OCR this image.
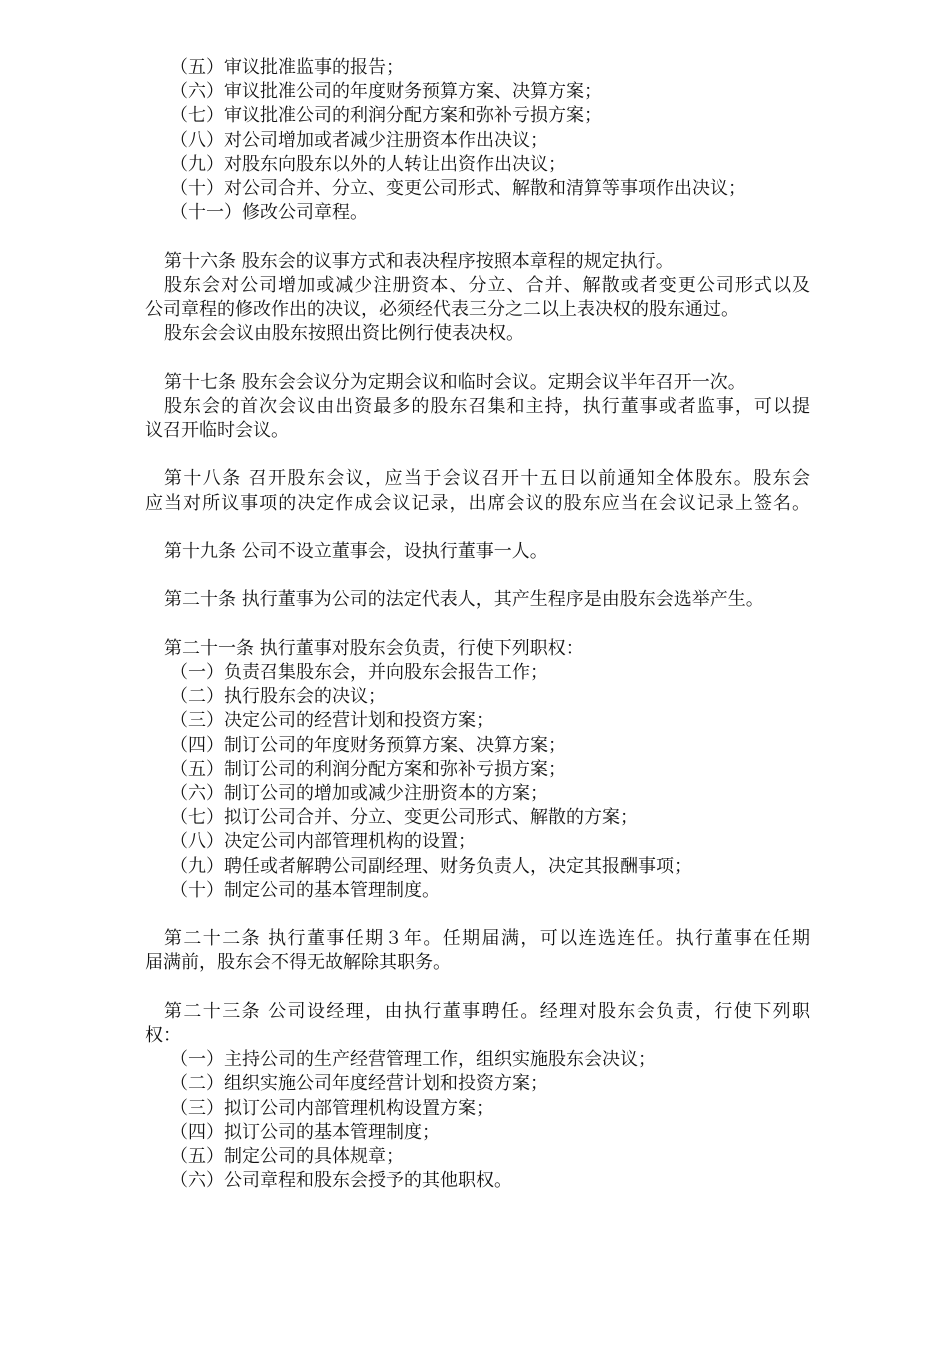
（五）审议批准监事的报告；
（六）审议批准公司的年度财务预算方案、决算方案；
（七）审议批准公司的利润分配方案和弥补亏损方案；
（八）对公司增加或者减少注册资本作出决议；
（九）对股东向股东以外的人转让出资作出决议；
（十）对公司合并、分立、变更公司形式、解散和清算等事项作出决议；
（十一）修改公司章程。
第十六条 股东会的议事方式和表决程序按照本章程的规定执行。
股东会对公司增加或减少注册资本、分立、合并、解散或者变更公司形式以及
公司章程的修改作出的决议，必须经代表三分之二以上表决权的股东通过。
股东会会议由股东按照出资比例行使表决权。
第十七条 股东会会议分为定期会议和临时会议。定期会议半年召开一次。
股东会的首次会议由出资最多的股东召集和主持，执行董事或者监事，可以提
议召开临时会议。
第十八条 召开股东会议，应当于会议召开十五日以前通知全体股东。股东会
应当对所议事项的决定作成会议记录，出席会议的股东应当在会议记录上签名。
第十九条 公司不设立董事会，设执行董事一人。
第二十条 执行董事为公司的法定代表人，其产生程序是由股东会选举产生。
第二十一条 执行董事对股东会负责，行使下列职权：
（一）负责召集股东会，并向股东会报告工作；
（二）执行股东会的决议；
（三）决定公司的经营计划和投资方案；
（四）制订公司的年度财务预算方案、决算方案；
（五）制订公司的利润分配方案和弥补亏损方案；
（六）制订公司的增加或减少注册资本的方案；
（七）拟订公司合并、分立、变更公司形式、解散的方案；
（八）决定公司内部管理机构的设置；
（九）聘任或者解聘公司副经理、财务负责人，决定其报酬事项；
（十）制定公司的基本管理制度。
第二十二条 执行董事任期３年。任期届满，可以连选连任。执行董事在任期
届满前，股东会不得无故解除其职务。
第二十三条 公司设经理，由执行董事聘任。经理对股东会负责，行使下列职
权：
（一）主持公司的生产经营管理工作，组织实施股东会决议；
（二）组织实施公司年度经营计划和投资方案；
（三）拟订公司内部管理机构设置方案；
（四）拟订公司的基本管理制度；
（五）制定公司的具体规章；
（六）公司章程和股东会授予的其他职权。
